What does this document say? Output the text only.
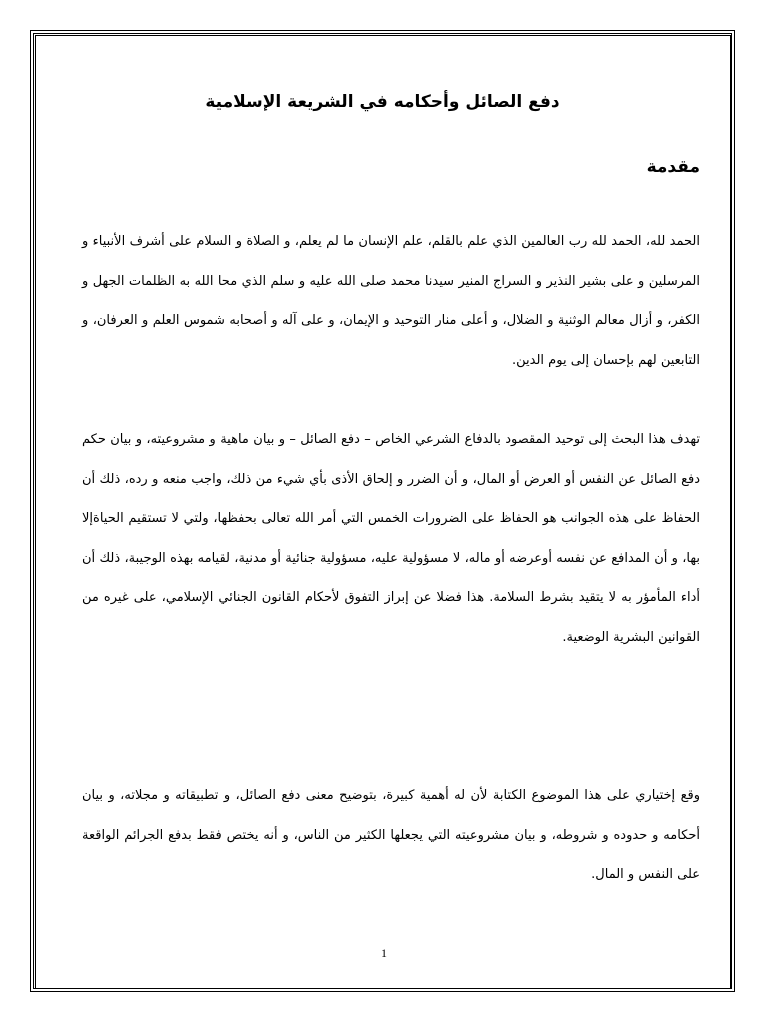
دفع الصائل وأحكامه في الشريعة الإسلامية
مقدمة

الحمد لله، الحمد لله رب العالمين الذي علم بالقلم، علم الإنسان ما لم يعلم، و الصلاة و السلام على أشرف الأنبياء و المرسلين و على بشير النذير و السراج المنير سيدنا محمد صلى الله عليه و سلم الذي محا الله به الظلمات الجهل و الكفر، و أزال معالم الوثنية و الضلال، و أعلى منار التوحيد و الإيمان، و على آله و أصحابه شموس العلم و العرفان، و التابعين لهم بإحسان إلى يوم الدين.

تهدف هذا البحث إلى توحيد المقصود بالدفاع الشرعي الخاص – دفع الصائل – و بيان ماهية و مشروعيته، و بيان حكم دفع الصائل عن النفس أو العرض أو المال، و أن الضرر و إلحاق الأذى بأي شيء من ذلك، واجب منعه و رده، ذلك أن الحفاظ على هذه الجوانب هو الحفاظ على الضرورات الخمس التي أمر الله تعالى بحفظها، ولتي لا تستقيم الحياةإلا بها، و أن المدافع عن نفسه أوعرضه أو ماله، لا مسؤولية عليه، مسؤولية جنائية أو مدنية، لقيامه بهذه الوجيبة، ذلك أن أداء المأمؤر به لا يتقيد بشرط السلامة. هذا فضلا عن إبراز التفوق لأحكام القانون الجنائي الإسلامي، على غيره من القوانين البشرية الوضعية.

وقع إختياري على هذا الموضوع الكتابة لأن له أهمية كبيرة، بتوضيح معنى دفع الصائل، و تطبيقاته و مجلاته، و بيان أحكامه و حدوده و شروطه، و بيان مشروعيته التي يجعلها الكثير من الناس، و أنه يختص فقط بدفع الجرائم الواقعة على النفس و المال.

1
